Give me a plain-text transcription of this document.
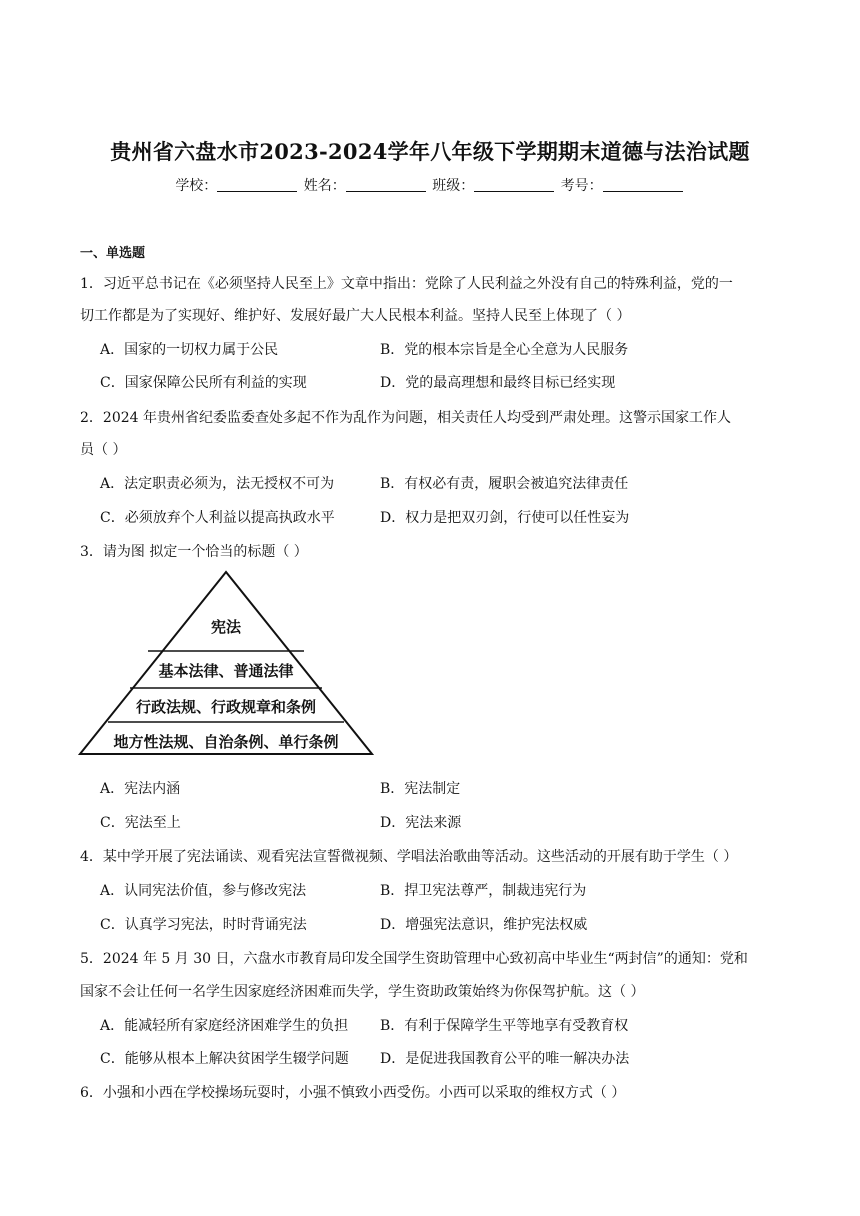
贵州省六盘水市2023-2024学年八年级下学期期末道德与法治试题
学校：	姓名：	班级：	考号：
一、单选题
1．习近平总书记在《必须坚持人民至上》文章中指出：党除了人民利益之外没有自己的特殊利益，党的一
切工作都是为了实现好、维护好、发展好最广大人民根本利益。坚持人民至上体现了（ ）
A．国家的一切权力属于公民	B．党的根本宗旨是全心全意为人民服务
C．国家保障公民所有利益的实现	D．党的最高理想和最终目标已经实现
2．2024 年贵州省纪委监委查处多起不作为乱作为问题，相关责任人均受到严肃处理。这警示国家工作人
员（ ）
A．法定职责必须为，法无授权不可为	B．有权必有责，履职会被追究法律责任
C．必须放弃个人利益以提高执政水平	D．权力是把双刃剑，行使可以任性妄为
3．请为图 拟定一个恰当的标题（ ）
宪法
基本法律、普通法律
行政法规、行政规章和条例
地方性法规、自治条例、单行条例
A．宪法内涵	B．宪法制定
C．宪法至上	D．宪法来源
4．某中学开展了宪法诵读、观看宪法宣誓微视频、学唱法治歌曲等活动。这些活动的开展有助于学生（ ）
A．认同宪法价值，参与修改宪法	B．捍卫宪法尊严，制裁违宪行为
C．认真学习宪法，时时背诵宪法	D．增强宪法意识，维护宪法权威
5．2024 年 5 月 30 日，六盘水市教育局印发全国学生资助管理中心致初高中毕业生“两封信”的通知：党和
国家不会让任何一名学生因家庭经济困难而失学，学生资助政策始终为你保驾护航。这（ ）
A．能减轻所有家庭经济困难学生的负担 B．有利于保障学生平等地享有受教育权
C．能够从根本上解决贫困学生辍学问题 D．是促进我国教育公平的唯一解决办法
6．小强和小西在学校操场玩耍时，小强不慎致小西受伤。小西可以采取的维权方式（ ）
